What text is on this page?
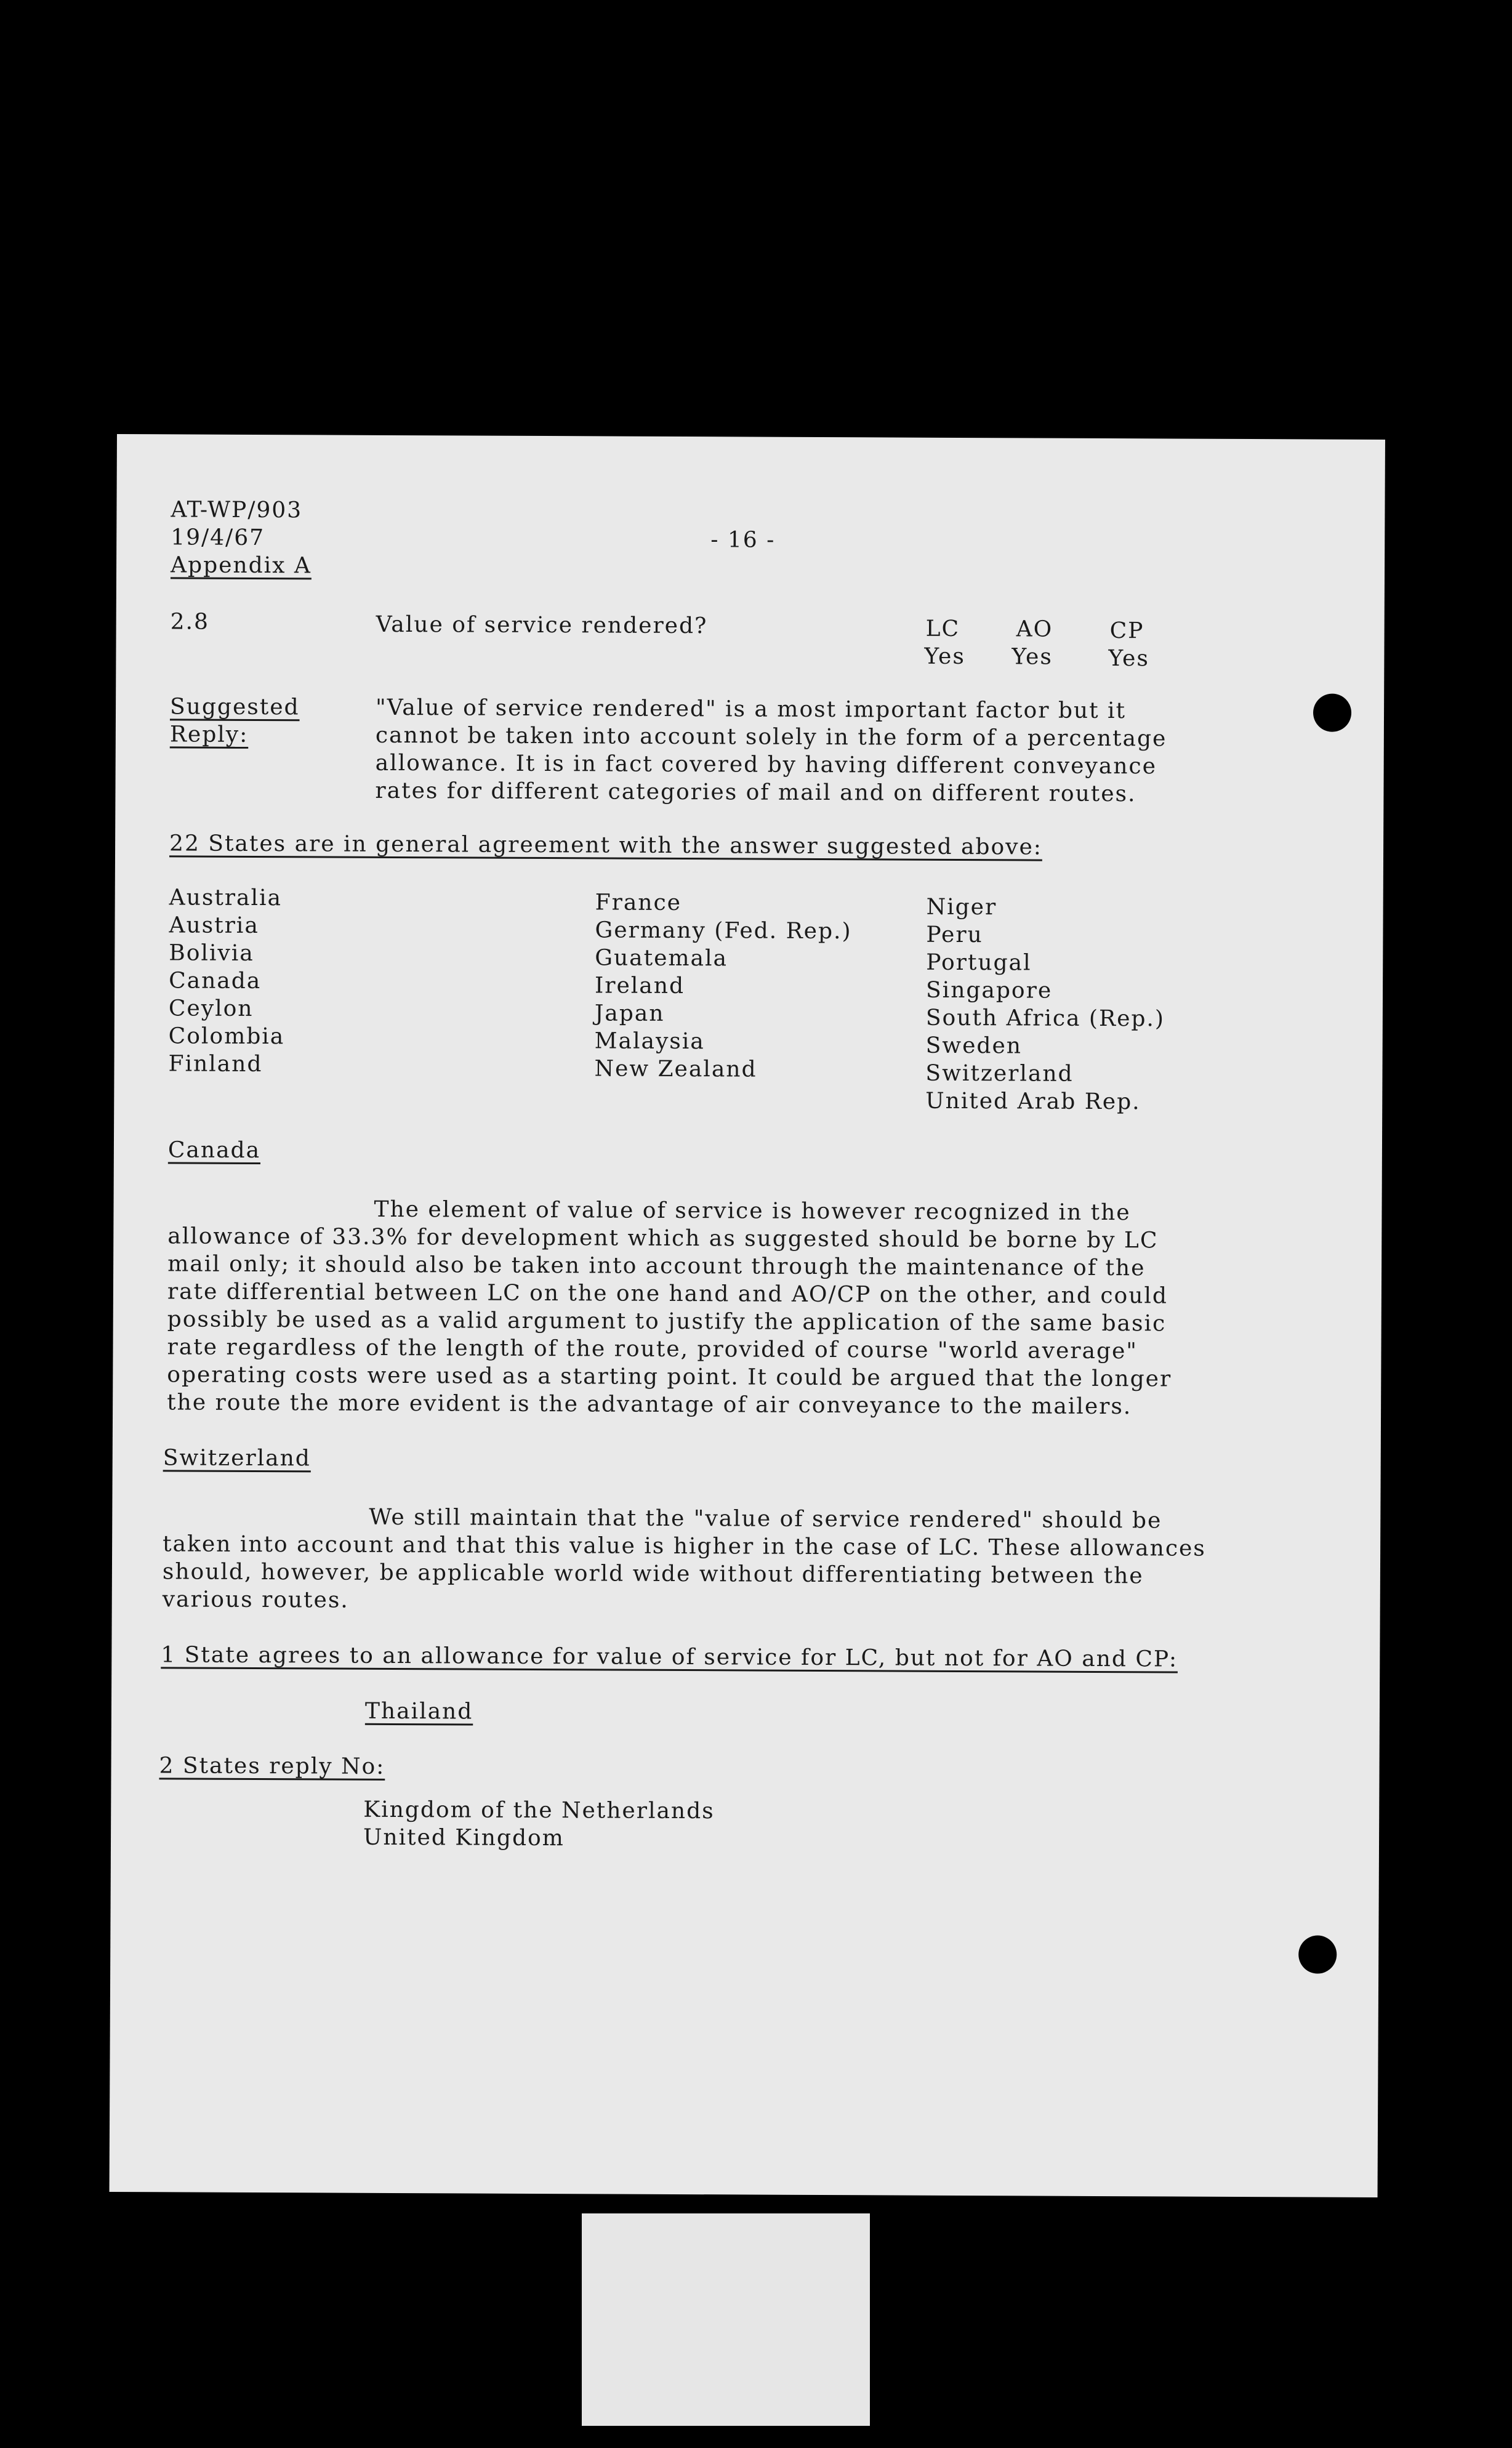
AT-WP/903
19/4/67
Appendix A
- 16 -
2.8	Value of service rendered?	LC
Yes
AO
Yes
CP
Yes
Suggested
Reply:
"Value of service rendered" is a most important factor but it
cannot be taken into account solely in the form of a percentage
allowance. It is in fact covered by having different conveyance
rates for different categories of mail and on different routes.
22 States are in general agreement with the answer suggested above:
Australia
Austria
Bolivia
Canada
Ceylon
Colombia
Finland
France
Germany (Fed. Rep.)
Guatemala
Ireland
Japan
Malaysia
New Zealand
Niger
Peru
Portugal
Singapore
South Africa (Rep.)
Sweden
Switzerland
United Arab Rep.
Canada
The element of value of service is however recognized in the
allowance of 33.3% for development which as suggested should be borne by LC
mail only; it should also be taken into account through the maintenance of the
rate differential between LC on the one hand and AO/CP on the other, and could
possibly be used as a valid argument to justify the application of the same basic
rate regardless of the length of the route, provided of course "world average"
operating costs were used as a starting point. It could be argued that the longer
the route the more evident is the advantage of air conveyance to the mailers.
Switzerland
We still maintain that the "value of service rendered" should be
taken into account and that this value is higher in the case of LC. These allowances
should, however, be applicable world wide without differentiating between the
various routes.
1 State agrees to an allowance for value of service for LC, but not for AO and CP:
Thailand
2 States reply No:
Kingdom of the Netherlands
United Kingdom
